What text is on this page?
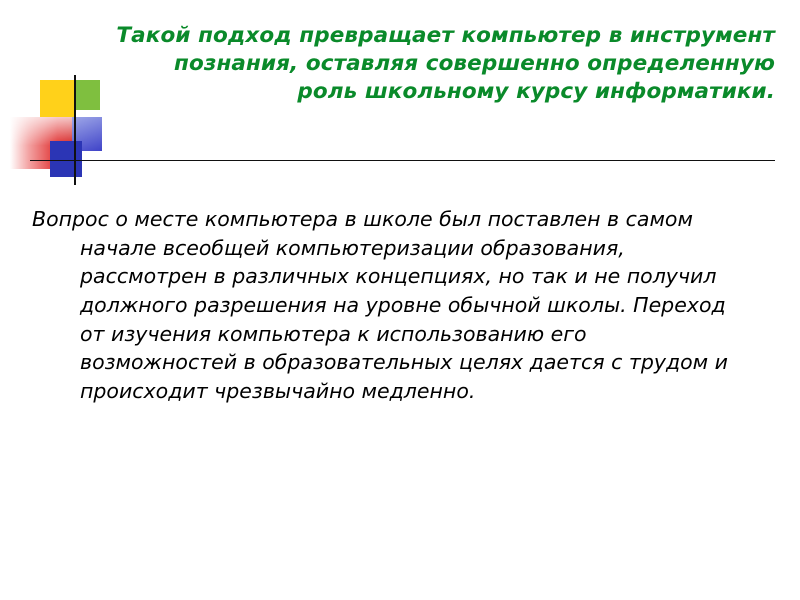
Такой подход превращает компьютер в инструмент познания, оставляя совершенно определенную роль школьному курсу информатики.
Вопрос о месте компьютера в школе был поставлен в самом начале всеобщей компьютеризации образования, рассмотрен в различных концепциях, но так и не получил должного разрешения на уровне обычной школы. Переход от изучения компьютера к использованию его возможностей в образовательных целях дается с трудом и происходит чрезвычайно медленно.
